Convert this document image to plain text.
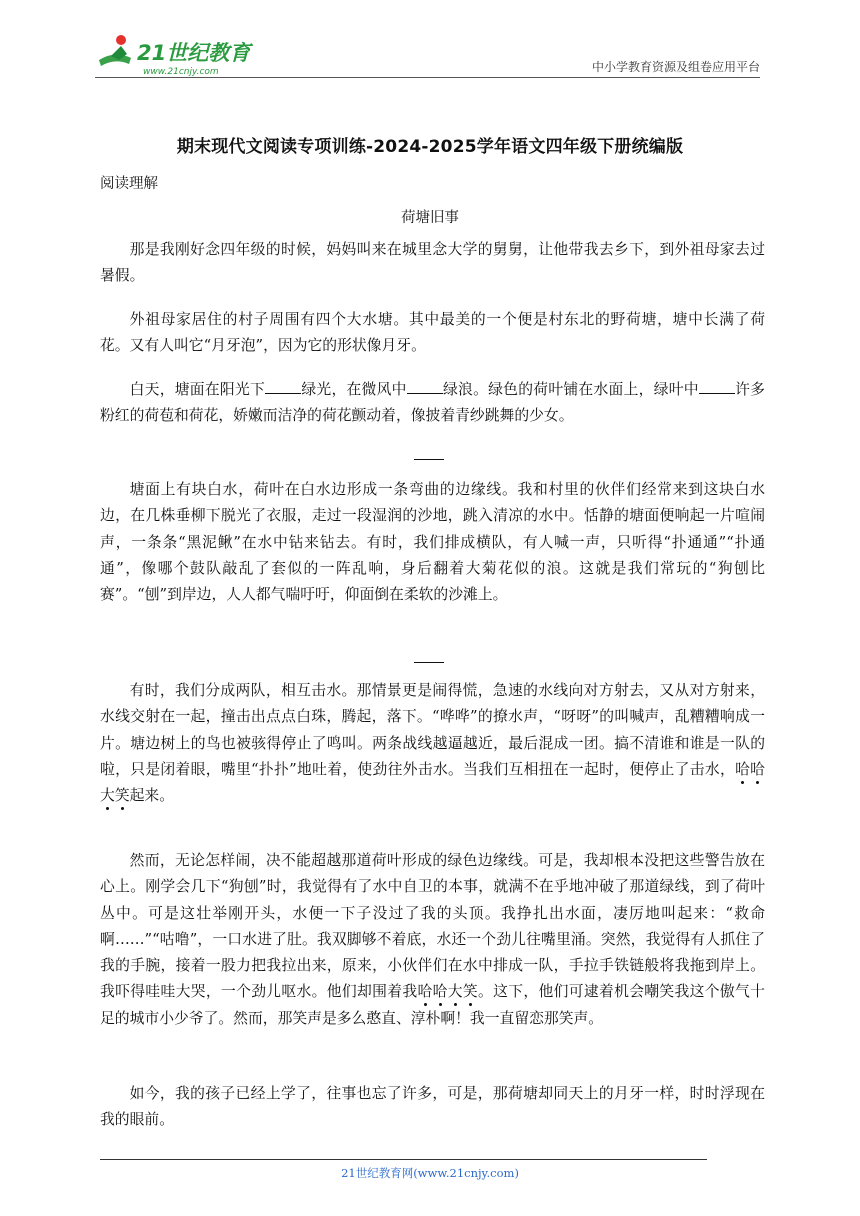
21世纪教育
www.21cnjy.com	中小学教育资源及组卷应用平台
期末现代文阅读专项训练-2024-2025学年语文四年级下册统编版
阅读理解
荷塘旧事

那是我刚好念四年级的时候，妈妈叫来在城里念大学的舅舅，让他带我去乡下，到外祖母家去过暑假。

外祖母家居住的村子周围有四个大水塘。其中最美的一个便是村东北的野荷塘，塘中长满了荷花。又有人叫它“月牙泡”，因为它的形状像月牙。

白天，塘面在阳光下 绿光，在微风中 绿浪。绿色的荷叶铺在水面上，绿叶中 许多粉红的荷苞和荷花，娇嫩而洁净的荷花颤动着，像披着青纱跳舞的少女。

塘面上有块白水，荷叶在白水边形成一条弯曲的边缘线。我和村里的伙伴们经常来到这块白水边，在几株垂柳下脱光了衣服，走过一段湿润的沙地，跳入清凉的水中。恬静的塘面便响起一片喧闹声，一条条“黑泥鳅”在水中钻来钻去。有时，我们排成横队，有人喊一声，只听得“扑通通”“扑通通”，像哪个鼓队敲乱了套似的一阵乱响，身后翻着大菊花似的浪。这就是我们常玩的“狗刨比赛”。“刨”到岸边，人人都气喘吁吁，仰面倒在柔软的沙滩上。

有时，我们分成两队，相互击水。那情景更是闹得慌，急速的水线向对方射去，又从对方射来，水线交射在一起，撞击出点点白珠，腾起，落下。“哗哗”的撩水声，“呀呀”的叫喊声，乱糟糟响成一片。塘边树上的鸟也被骇得停止了鸣叫。两条战线越逼越近，最后混成一团。搞不清谁和谁是一队的啦，只是闭着眼，嘴里“扑扑”地吐着，使劲往外击水。当我们互相扭在一起时，便停止了击水，哈哈大笑起来。

然而，无论怎样闹，决不能超越那道荷叶形成的绿色边缘线。可是，我却根本没把这些警告放在心上。刚学会几下“狗刨”时，我觉得有了水中自卫的本事，就满不在乎地冲破了那道绿线，到了荷叶丛中。可是这壮举刚开头，水便一下子没过了我的头顶。我挣扎出水面，凄厉地叫起来：“救命啊……”“咕噜”，一口水进了肚。我双脚够不着底，水还一个劲儿往嘴里涌。突然，我觉得有人抓住了我的手腕，接着一股力把我拉出来，原来，小伙伴们在水中排成一队，手拉手铁链般将我拖到岸上。我吓得哇哇大哭，一个劲儿呕水。他们却围着我哈哈大笑。这下，他们可逮着机会嘲笑我这个傲气十足的城市小少爷了。然而，那笑声是多么憨直、淳朴啊！我一直留恋那笑声。

如今，我的孩子已经上学了，往事也忘了许多，可是，那荷塘却同天上的月牙一样，时时浮现在我的眼前。

21世纪教育网(www.21cnjy.com)
